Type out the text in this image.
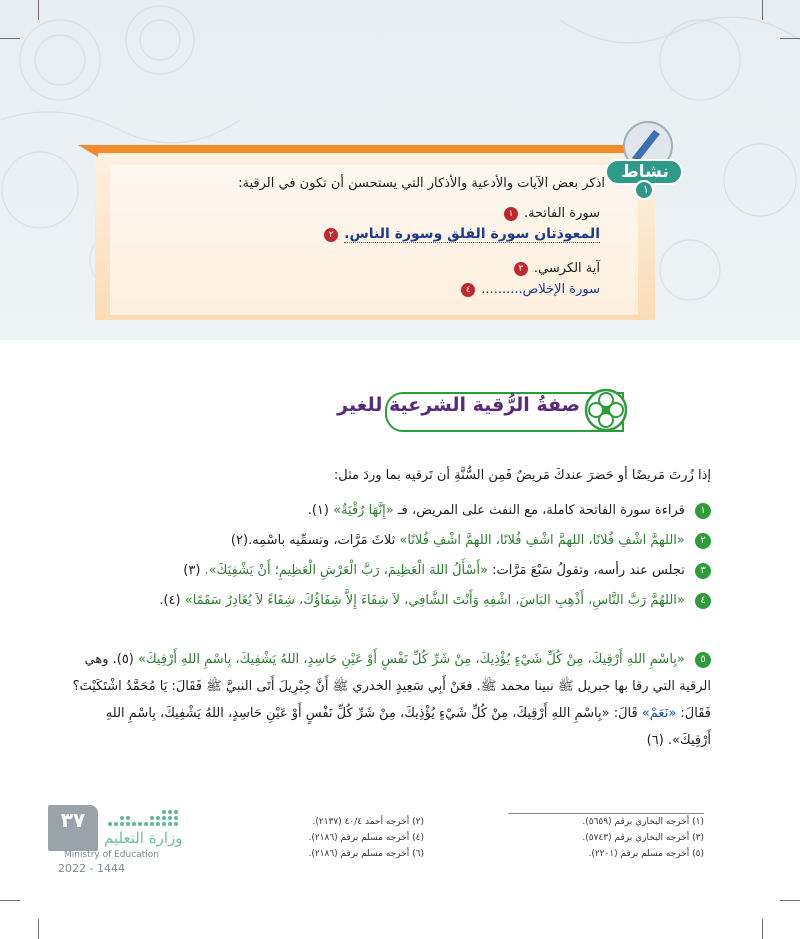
نشاط
١
اذكر بعض الآيات والأدعية والأذكار التي يستحسن أن تكون في الرقية:
١ سورة الفاتحة.
٢ المعوذتان سورة الفلق وسورة الناس.
٣ آية الكرسي.
٤ سورة الإخلاص..........
صفةُ الرُّقية الشرعية للغير
إذا زُرتَ مَريضًا أو حَضرَ عندكَ مَريضٌ فَمِن السُّنَّةِ أن تَرقيه بما وردَ مثل:
١ قراءة سورة الفاتحة كاملة، مع النفث على المريض، فـ «إِنَّهَا رُقْيَةٌ» (١).
٢ «اللهمَّ اشْفِ فُلانًا، اللهمَّ اشْفِ فُلانًا، اللهمَّ اشْفِ فُلانًا» ثلاثَ مَرَّات، وتسمِّيه باسْمِه.(٢)
٣ تجلس عند رأسه، وتقولُ سَبْعَ مَرَّات: «أَسْأَلُ اللهَ الْعَظِيمَ، رَبَّ الْعَرْشِ الْعَظِيمِ؛ أَنْ يَشْفِيَكَ». (٣)
٤ «اللهُمَّ رَبَّ النَّاسِ، أَذْهِبِ البَاسَ، اشْفِهِ وَأَنْتَ الشَّافِي، لاَ شِفَاءَ إِلاَّ شِفَاؤُكَ، شِفَاءً لاَ يُغَادِرُ سَقَمًا» (٤).
٥ «بِاسْمِ اللهِ أَرْقِيكَ، مِنْ كُلِّ شَيْءٍ يُؤْذِيكَ، مِنْ شَرِّ كُلِّ نَفْسٍ أَوْ عَيْنِ حَاسِدٍ، اللهُ يَشْفِيكَ، بِاسْمِ اللهِ أَرْقِيكَ» (٥). وهي الرقية التي رقا بها جبريل ﷺ نبينا محمد ﷺ. فعَنْ أَبِي سَعِيدٍ الخدري ﷺ أَنَّ جِبْرِيلَ أَتَى النبيَّ ﷺ فَقَالَ: يَا مُحَمَّدُ اشْتَكَيْتَ؟ فَقَالَ: «نَعَمْ» قَالَ: «بِاسْمِ اللهِ أَرْقِيكَ، مِنْ كُلِّ شَيْءٍ يُؤْذِيكَ، مِنْ شَرِّ كُلِّ نَفْسٍ أَوْ عَيْنِ حَاسِدٍ، اللهُ يَشْفِيكَ، بِاسْمِ اللهِ أَرْقِيكَ». (٦)
(١) أخرجه البخاري برقم (٥٦٥٩).
(٢) أخرجه أحمد ٤٠/٤ (٢١٣٧).
(٣) أخرجه البخاري برقم (٥٧٤٣).
(٤) أخرجه مسلم برقم (٢١٨٦).
(٥) أخرجه مسلم برقم (٢٢٠١).
(٦) أخرجه مسلم برقم (٢١٨٦).
٣٧
وزارة التعليم
Ministry of Education
2022 - 1444
